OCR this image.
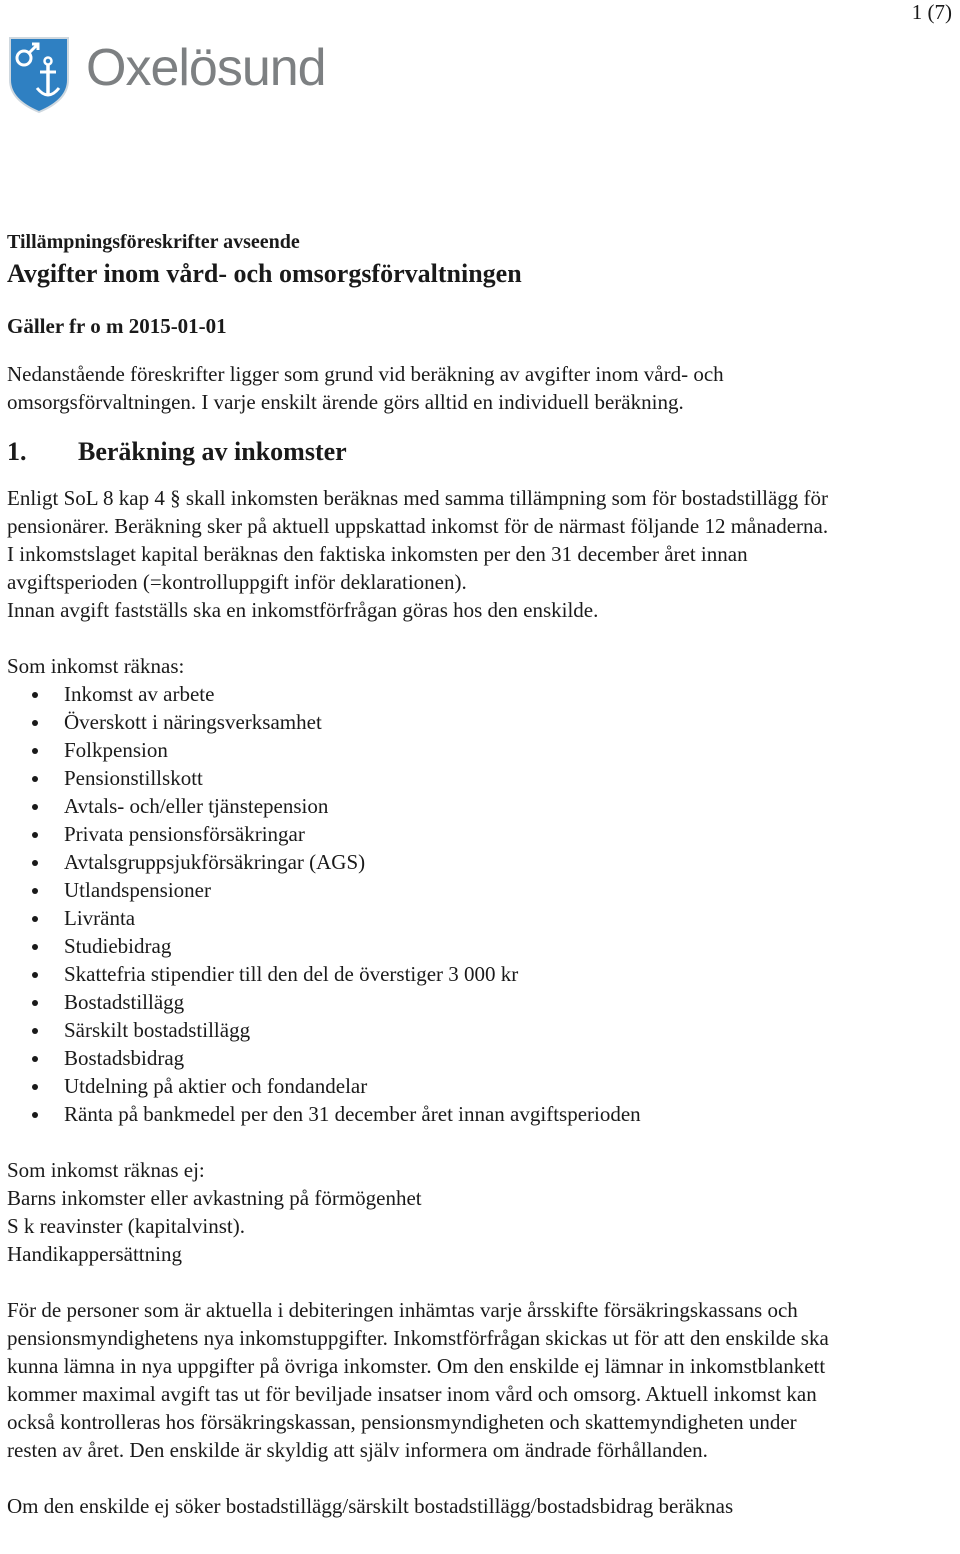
1 (7)
Oxelösund

Tillämpningsföreskrifter avseende

Avgifter inom vård- och omsorgsförvaltningen

Gäller fr o m 2015-01-01

Nedanstående föreskrifter ligger som grund vid beräkning av avgifter inom vård- och
omsorgsförvaltningen. I varje enskilt ärende görs alltid en individuell beräkning.

1.	Beräkning av inkomster

Enligt SoL 8 kap 4 § skall inkomsten beräknas med samma tillämpning som för bostadstillägg för
pensionärer. Beräkning sker på aktuell uppskattad inkomst för de närmast följande 12 månaderna.
I inkomstslaget kapital beräknas den faktiska inkomsten per den 31 december året innan
avgiftsperioden (=kontrolluppgift inför deklarationen).
Innan avgift fastställs ska en inkomstförfrågan göras hos den enskilde.

Som inkomst räknas:

Inkomst av arbete
Överskott i näringsverksamhet
Folkpension
Pensionstillskott
Avtals- och/eller tjänstepension
Privata pensionsförsäkringar
Avtalsgruppsjukförsäkringar (AGS)
Utlandspensioner
Livränta
Studiebidrag
Skattefria stipendier till den del de överstiger 3 000 kr
Bostadstillägg
Särskilt bostadstillägg
Bostadsbidrag
Utdelning på aktier och fondandelar
Ränta på bankmedel per den 31 december året innan avgiftsperioden

Som inkomst räknas ej:
Barns inkomster eller avkastning på förmögenhet
S k reavinster (kapitalvinst).
Handikappersättning

För de personer som är aktuella i debiteringen inhämtas varje årsskifte försäkringskassans och
pensionsmyndighetens nya inkomstuppgifter. Inkomstförfrågan skickas ut för att den enskilde ska
kunna lämna in nya uppgifter på övriga inkomster. Om den enskilde ej lämnar in inkomstblankett
kommer maximal avgift tas ut för beviljade insatser inom vård och omsorg. Aktuell inkomst kan
också kontrolleras hos försäkringskassan, pensionsmyndigheten och skattemyndigheten under
resten av året. Den enskilde är skyldig att själv informera om ändrade förhållanden.

Om den enskilde ej söker bostadstillägg/särskilt bostadstillägg/bostadsbidrag beräknas
